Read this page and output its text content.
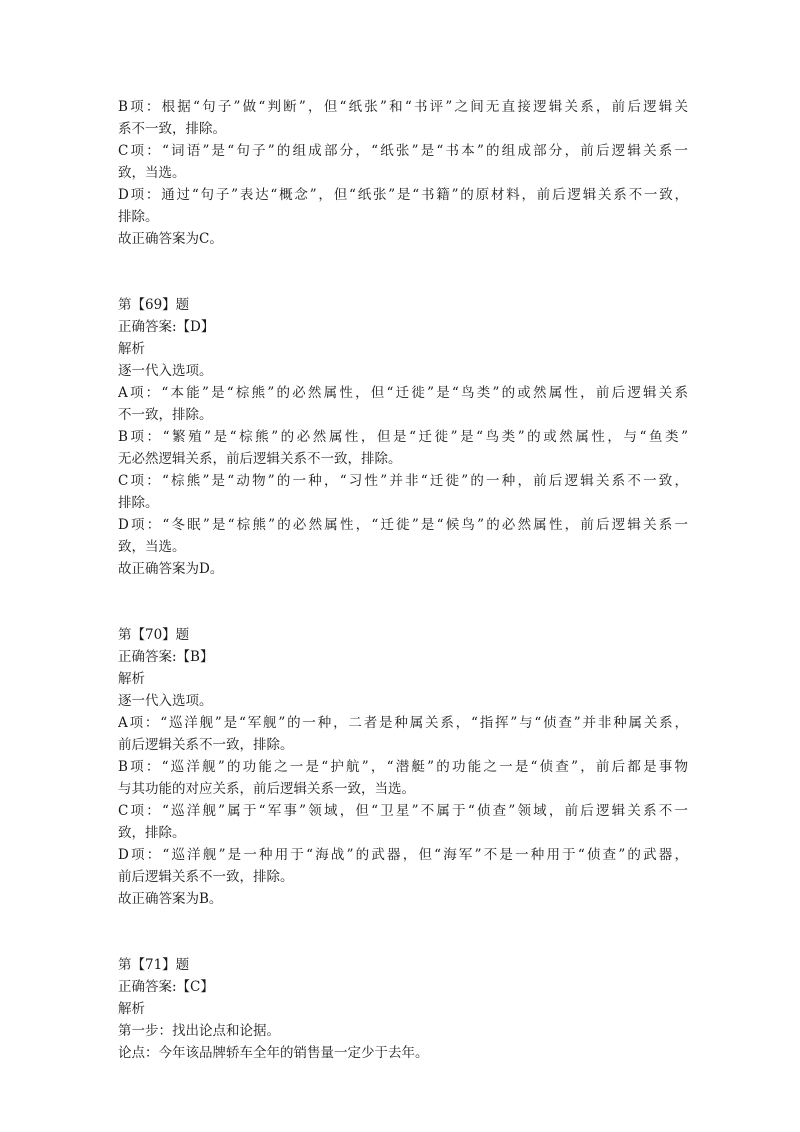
B项：根据“句子”做“判断”，但“纸张”和“书评”之间无直接逻辑关系，前后逻辑关
系不一致，排除。
C项：“词语”是“句子”的组成部分，“纸张”是“书本”的组成部分，前后逻辑关系一
致，当选。
D项：通过“句子”表达“概念”，但“纸张”是“书籍”的原材料，前后逻辑关系不一致，
排除。
故正确答案为C。
第【69】题
正确答案:【D】
解析
逐一代入选项。
A项：“本能”是“棕熊”的必然属性，但“迁徙”是“鸟类”的或然属性，前后逻辑关系
不一致，排除。
B项：“繁殖”是“棕熊”的必然属性，但是“迁徙”是“鸟类”的或然属性，与“鱼类”
无必然逻辑关系，前后逻辑关系不一致，排除。
C项：“棕熊”是“动物”的一种，“习性”并非“迁徙”的一种，前后逻辑关系不一致，
排除。
D项：“冬眠”是“棕熊”的必然属性，“迁徙”是“候鸟”的必然属性，前后逻辑关系一
致，当选。
故正确答案为D。
第【70】题
正确答案:【B】
解析
逐一代入选项。
A项：“巡洋舰”是“军舰”的一种，二者是种属关系，“指挥”与“侦查”并非种属关系，
前后逻辑关系不一致，排除。
B项：“巡洋舰”的功能之一是“护航”，“潜艇”的功能之一是“侦查”，前后都是事物
与其功能的对应关系，前后逻辑关系一致，当选。
C项：“巡洋舰”属于“军事”领域，但“卫星”不属于“侦查”领域，前后逻辑关系不一
致，排除。
D项：“巡洋舰”是一种用于“海战”的武器，但“海军”不是一种用于“侦查”的武器，
前后逻辑关系不一致，排除。
故正确答案为B。
第【71】题
正确答案:【C】
解析
第一步：找出论点和论据。
论点：今年该品牌轿车全年的销售量一定少于去年。
